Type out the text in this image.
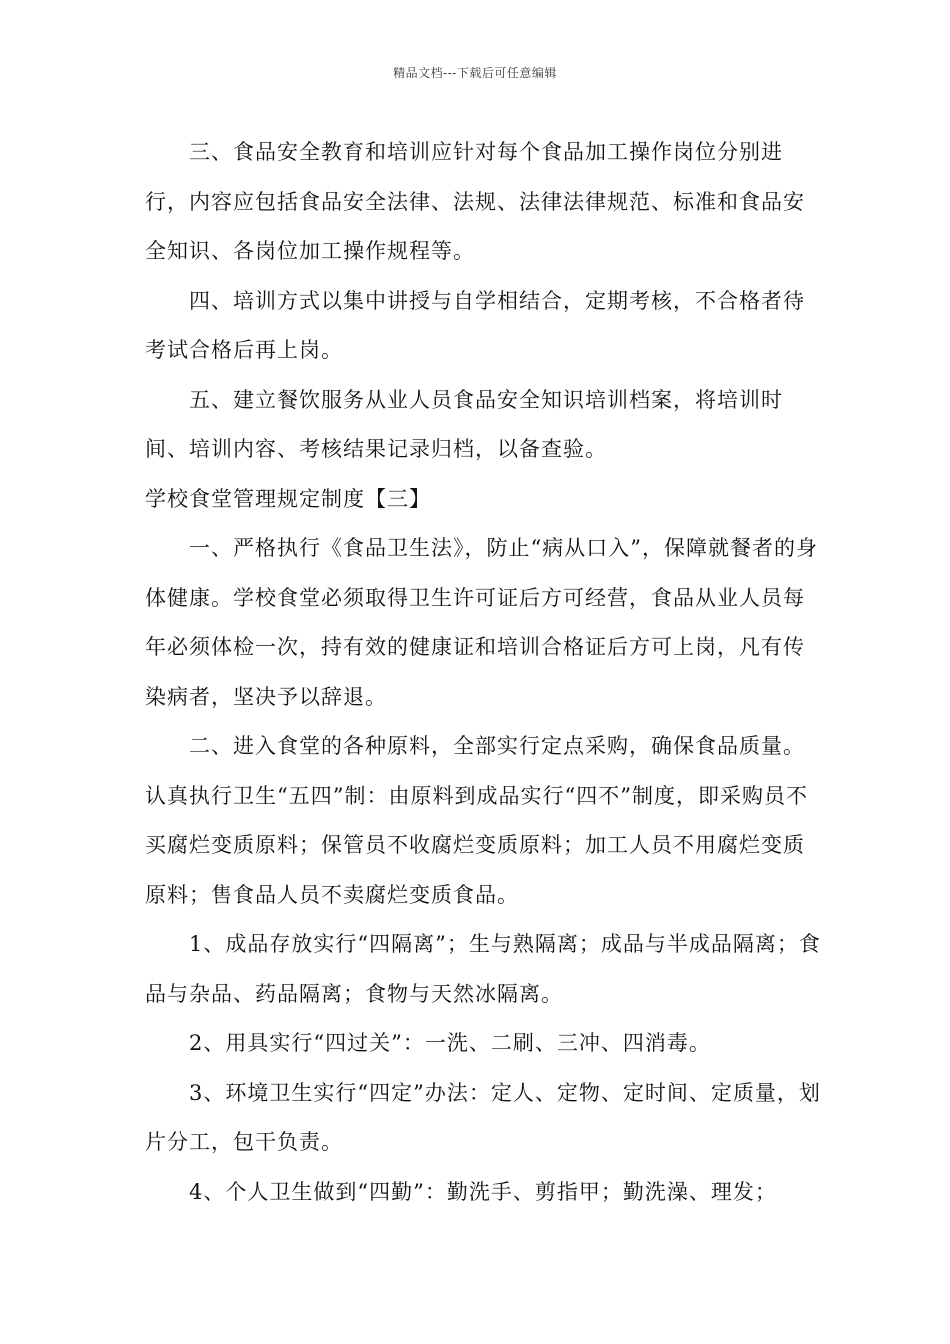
精品文档---下载后可任意编辑

三、食品安全教育和培训应针对每个食品加工操作岗位分别进行，内容应包括食品安全法律、法规、法律法律规范、标准和食品安全知识、各岗位加工操作规程等。

四、培训方式以集中讲授与自学相结合，定期考核，不合格者待考试合格后再上岗。

五、建立餐饮服务从业人员食品安全知识培训档案，将培训时间、培训内容、考核结果记录归档，以备查验。

学校食堂管理规定制度【三】

一、严格执行《食品卫生法》，防止“病从口入”，保障就餐者的身体健康。学校食堂必须取得卫生许可证后方可经营，食品从业人员每年必须体检一次，持有效的健康证和培训合格证后方可上岗，凡有传染病者，坚决予以辞退。

二、进入食堂的各种原料，全部实行定点采购，确保食品质量。认真执行卫生“五四”制：由原料到成品实行“四不”制度，即采购员不买腐烂变质原料；保管员不收腐烂变质原料；加工人员不用腐烂变质原料；售食品人员不卖腐烂变质食品。

1、成品存放实行“四隔离”；生与熟隔离；成品与半成品隔离；食品与杂品、药品隔离；食物与天然冰隔离。

2、用具实行“四过关”：一洗、二刷、三冲、四消毒。

3、环境卫生实行“四定”办法：定人、定物、定时间、定质量，划片分工，包干负责。

4、个人卫生做到“四勤”：勤洗手、剪指甲；勤洗澡、理发；
